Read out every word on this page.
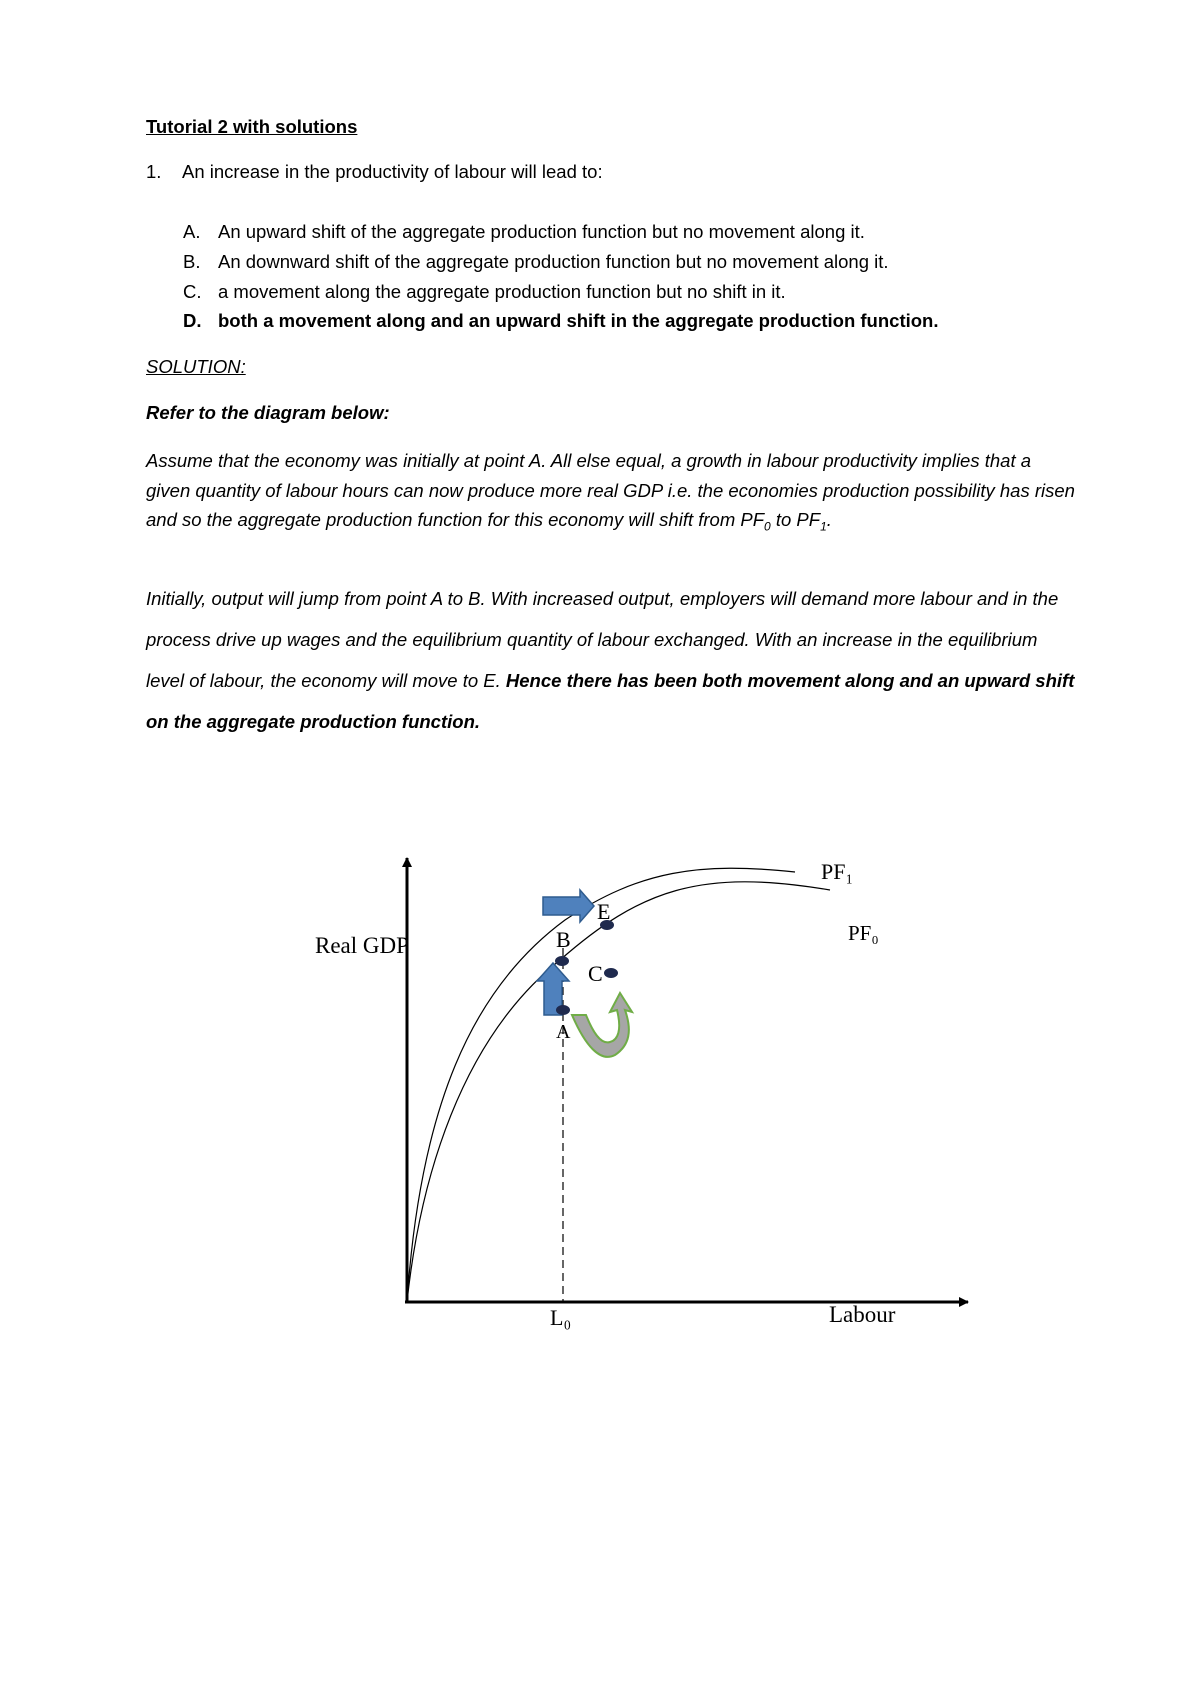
Tutorial 2 with solutions
1. An increase in the productivity of labour will lead to:
A. An upward shift of the aggregate production function but no movement along it.
B. An downward shift of the aggregate production function but no movement along it.
C. a movement along the aggregate production function but no shift in it.
D. both a movement along and an upward shift in the aggregate production function.
SOLUTION:
Refer to the diagram below:
Assume that the economy was initially at point A. All else equal, a growth in labour productivity implies that a given quantity of labour hours can now produce more real GDP i.e. the economies production possibility has risen and so the aggregate production function for this economy will shift from $PF_0$ to $PF_1$.
Initially, output will jump from point A to B. With increased output, employers will demand more labour and in the process drive up wages and the equilibrium quantity of labour exchanged. With an increase in the equilibrium level of labour, the economy will move to E. Hence there has been both movement along and an upward shift on the aggregate production function.
Real GDP
Labour
L₀
PF₁
PF₀
E
B
C
A
